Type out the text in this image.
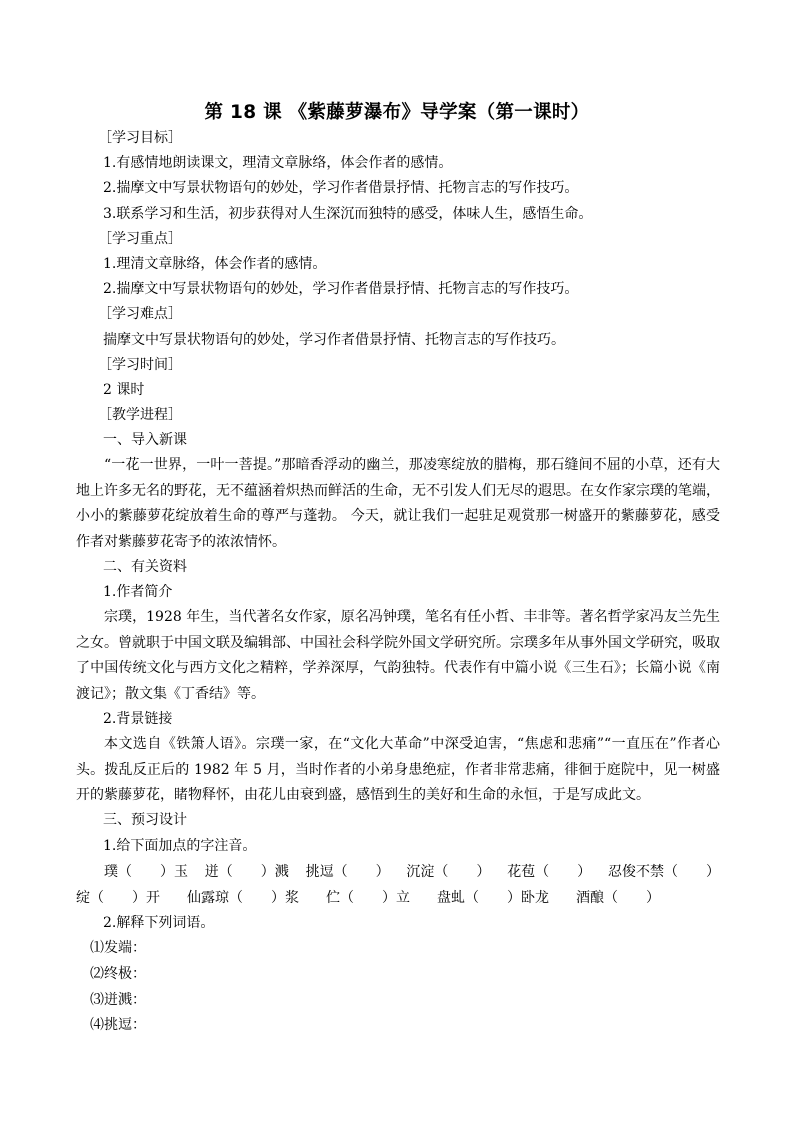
第 18 课 《紫藤萝瀑布》导学案（第一课时）
［学习目标］
1.有感情地朗读课文，理清文章脉络，体会作者的感情。
2.揣摩文中写景状物语句的妙处，学习作者借景抒情、托物言志的写作技巧。
3.联系学习和生活，初步获得对人生深沉而独特的感受，体味人生，感悟生命。
［学习重点］
1.理清文章脉络，体会作者的感情。
2.揣摩文中写景状物语句的妙处，学习作者借景抒情、托物言志的写作技巧。
［学习难点］
揣摩文中写景状物语句的妙处，学习作者借景抒情、托物言志的写作技巧。
［学习时间］
2 课时
［教学进程］
一、导入新课

“一花一世界，一叶一菩提。”那暗香浮动的幽兰，那凌寒绽放的腊梅，那石缝间不屈的小草，还有大地上许多无名的野花，无不蕴涵着炽热而鲜活的生命，无不引发人们无尽的遐思。在女作家宗璞的笔端，小小的紫藤萝花绽放着生命的尊严与蓬勃。 今天，就让我们一起驻足观赏那一树盛开的紫藤萝花，感受作者对紫藤萝花寄予的浓浓情怀。

二、有关资料
1.作者简介

宗璞，1928 年生，当代著名女作家，原名冯钟璞，笔名有任小哲、丰非等。著名哲学家冯友兰先生之女。曾就职于中国文联及编辑部、中国社会科学院外国文学研究所。宗璞多年从事外国文学研究，吸取了中国传统文化与西方文化之精粹，学养深厚，气韵独特。代表作有中篇小说《三生石》；长篇小说《南渡记》；散文集《丁香结》等。

2.背景链接

本文选自《铁箫人语》。宗璞一家，在“文化大革命”中深受迫害，“焦虑和悲痛”“一直压在”作者心头。拨乱反正后的 1982 年 5 月，当时作者的小弟身患绝症，作者非常悲痛，徘徊于庭院中，见一树盛开的紫藤萝花，睹物释怀，由花儿由衰到盛，感悟到生的美好和生命的永恒，于是写成此文。

三、预习设计
1.给下面加点的字注音。
璞（　　）玉 迸（　　）溅 挑逗（　　） 沉淀（　　） 花苞（　　） 忍俊不禁（　　）
绽（　　）开 仙露琼（　　）浆 伫（　　）立 盘虬（　　）卧龙 酒酿（　　）
2.解释下列词语。
⑴发端：
⑵终极：
⑶迸溅：
⑷挑逗：
